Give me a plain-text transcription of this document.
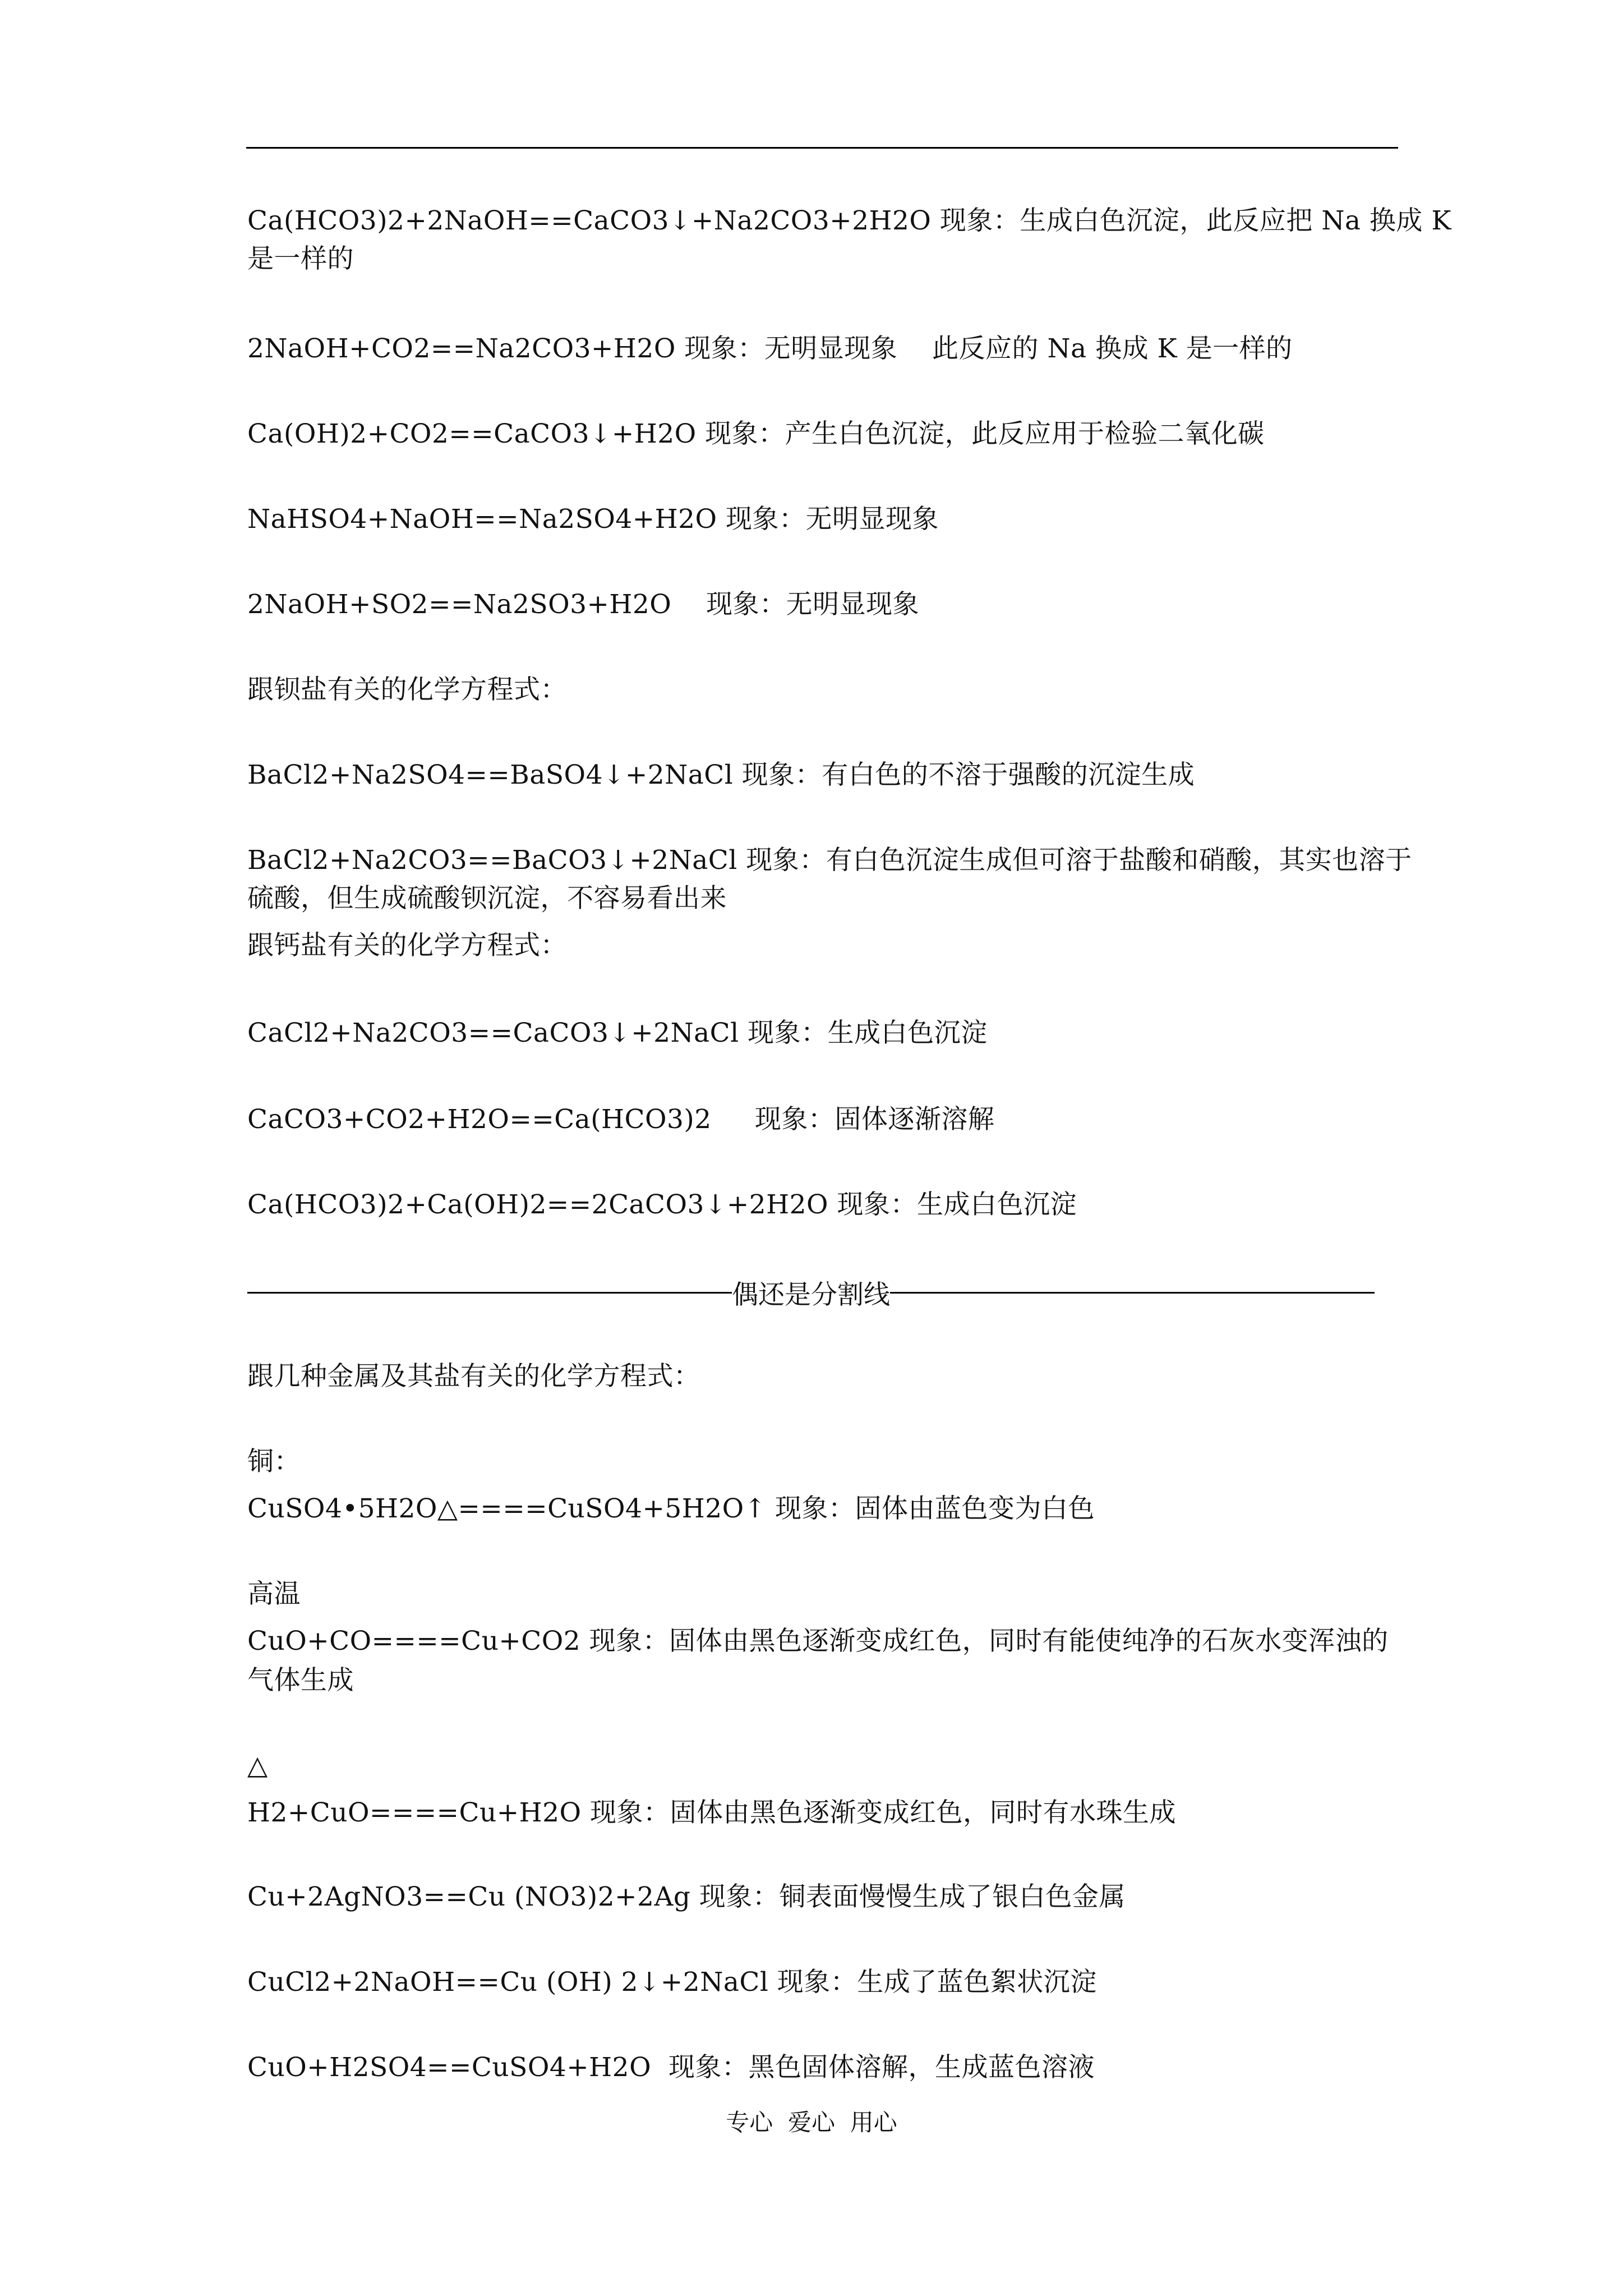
Ca(HCO3)2+2NaOH==CaCO3↓+Na2CO3+2H2O 现象：生成白色沉淀，此反应把 Na 换成 K
是一样的
2NaOH+CO2==Na2CO3+H2O 现象：无明显现象    此反应的 Na 换成 K 是一样的
Ca(OH)2+CO2==CaCO3↓+H2O 现象：产生白色沉淀，此反应用于检验二氧化碳
NaHSO4+NaOH==Na2SO4+H2O 现象：无明显现象
2NaOH+SO2==Na2SO3+H2O    现象：无明显现象
跟钡盐有关的化学方程式：
BaCl2+Na2SO4==BaSO4↓+2NaCl 现象：有白色的不溶于强酸的沉淀生成
BaCl2+Na2CO3==BaCO3↓+2NaCl 现象：有白色沉淀生成但可溶于盐酸和硝酸，其实也溶于
硫酸，但生成硫酸钡沉淀，不容易看出来
跟钙盐有关的化学方程式：
CaCl2+Na2CO3==CaCO3↓+2NaCl 现象：生成白色沉淀
CaCO3+CO2+H2O==Ca(HCO3)2     现象：固体逐渐溶解
Ca(HCO3)2+Ca(OH)2==2CaCO3↓+2H2O 现象：生成白色沉淀
偶还是分割线
跟几种金属及其盐有关的化学方程式：
铜：
CuSO4•5H2O△====CuSO4+5H2O↑ 现象：固体由蓝色变为白色
高温
CuO+CO====Cu+CO2 现象：固体由黑色逐渐变成红色，同时有能使纯净的石灰水变浑浊的
气体生成
△
H2+CuO====Cu+H2O 现象：固体由黑色逐渐变成红色，同时有水珠生成
Cu+2AgNO3==Cu (NO3)2+2Ag 现象：铜表面慢慢生成了银白色金属
CuCl2+2NaOH==Cu (OH) 2↓+2NaCl 现象：生成了蓝色絮状沉淀
CuO+H2SO4==CuSO4+H2O  现象：黑色固体溶解，生成蓝色溶液
专心  爱心  用心
